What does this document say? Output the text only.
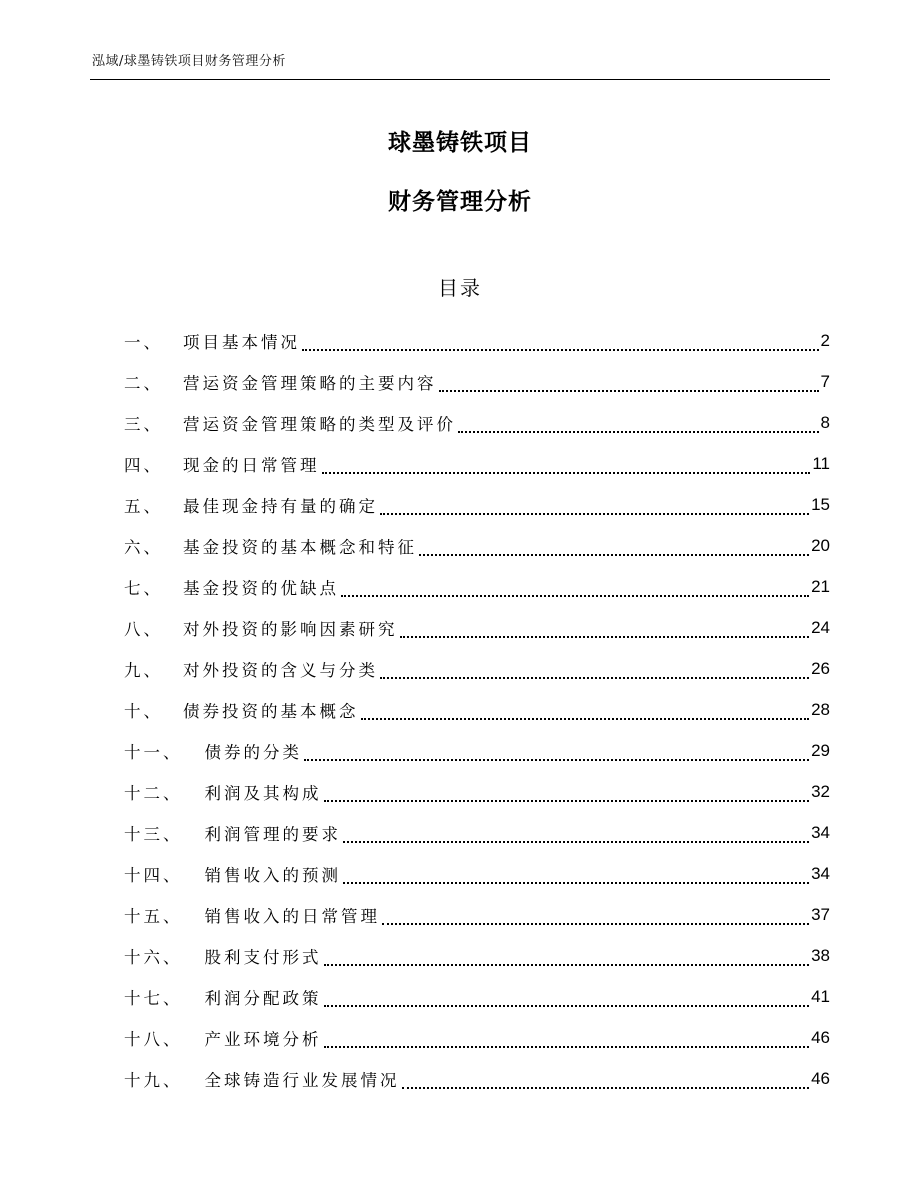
泓域/球墨铸铁项目财务管理分析
球墨铸铁项目
财务管理分析
目录
一、 项目基本情况	2
二、 营运资金管理策略的主要内容	7
三、 营运资金管理策略的类型及评价	8
四、 现金的日常管理	11
五、 最佳现金持有量的确定	15
六、 基金投资的基本概念和特征	20
七、 基金投资的优缺点	21
八、 对外投资的影响因素研究	24
九、 对外投资的含义与分类	26
十、 债券投资的基本概念	28
十一、 债券的分类	29
十二、 利润及其构成	32
十三、 利润管理的要求	34
十四、 销售收入的预测	34
十五、 销售收入的日常管理	37
十六、 股利支付形式	38
十七、 利润分配政策	41
十八、 产业环境分析	46
十九、 全球铸造行业发展情况	46
